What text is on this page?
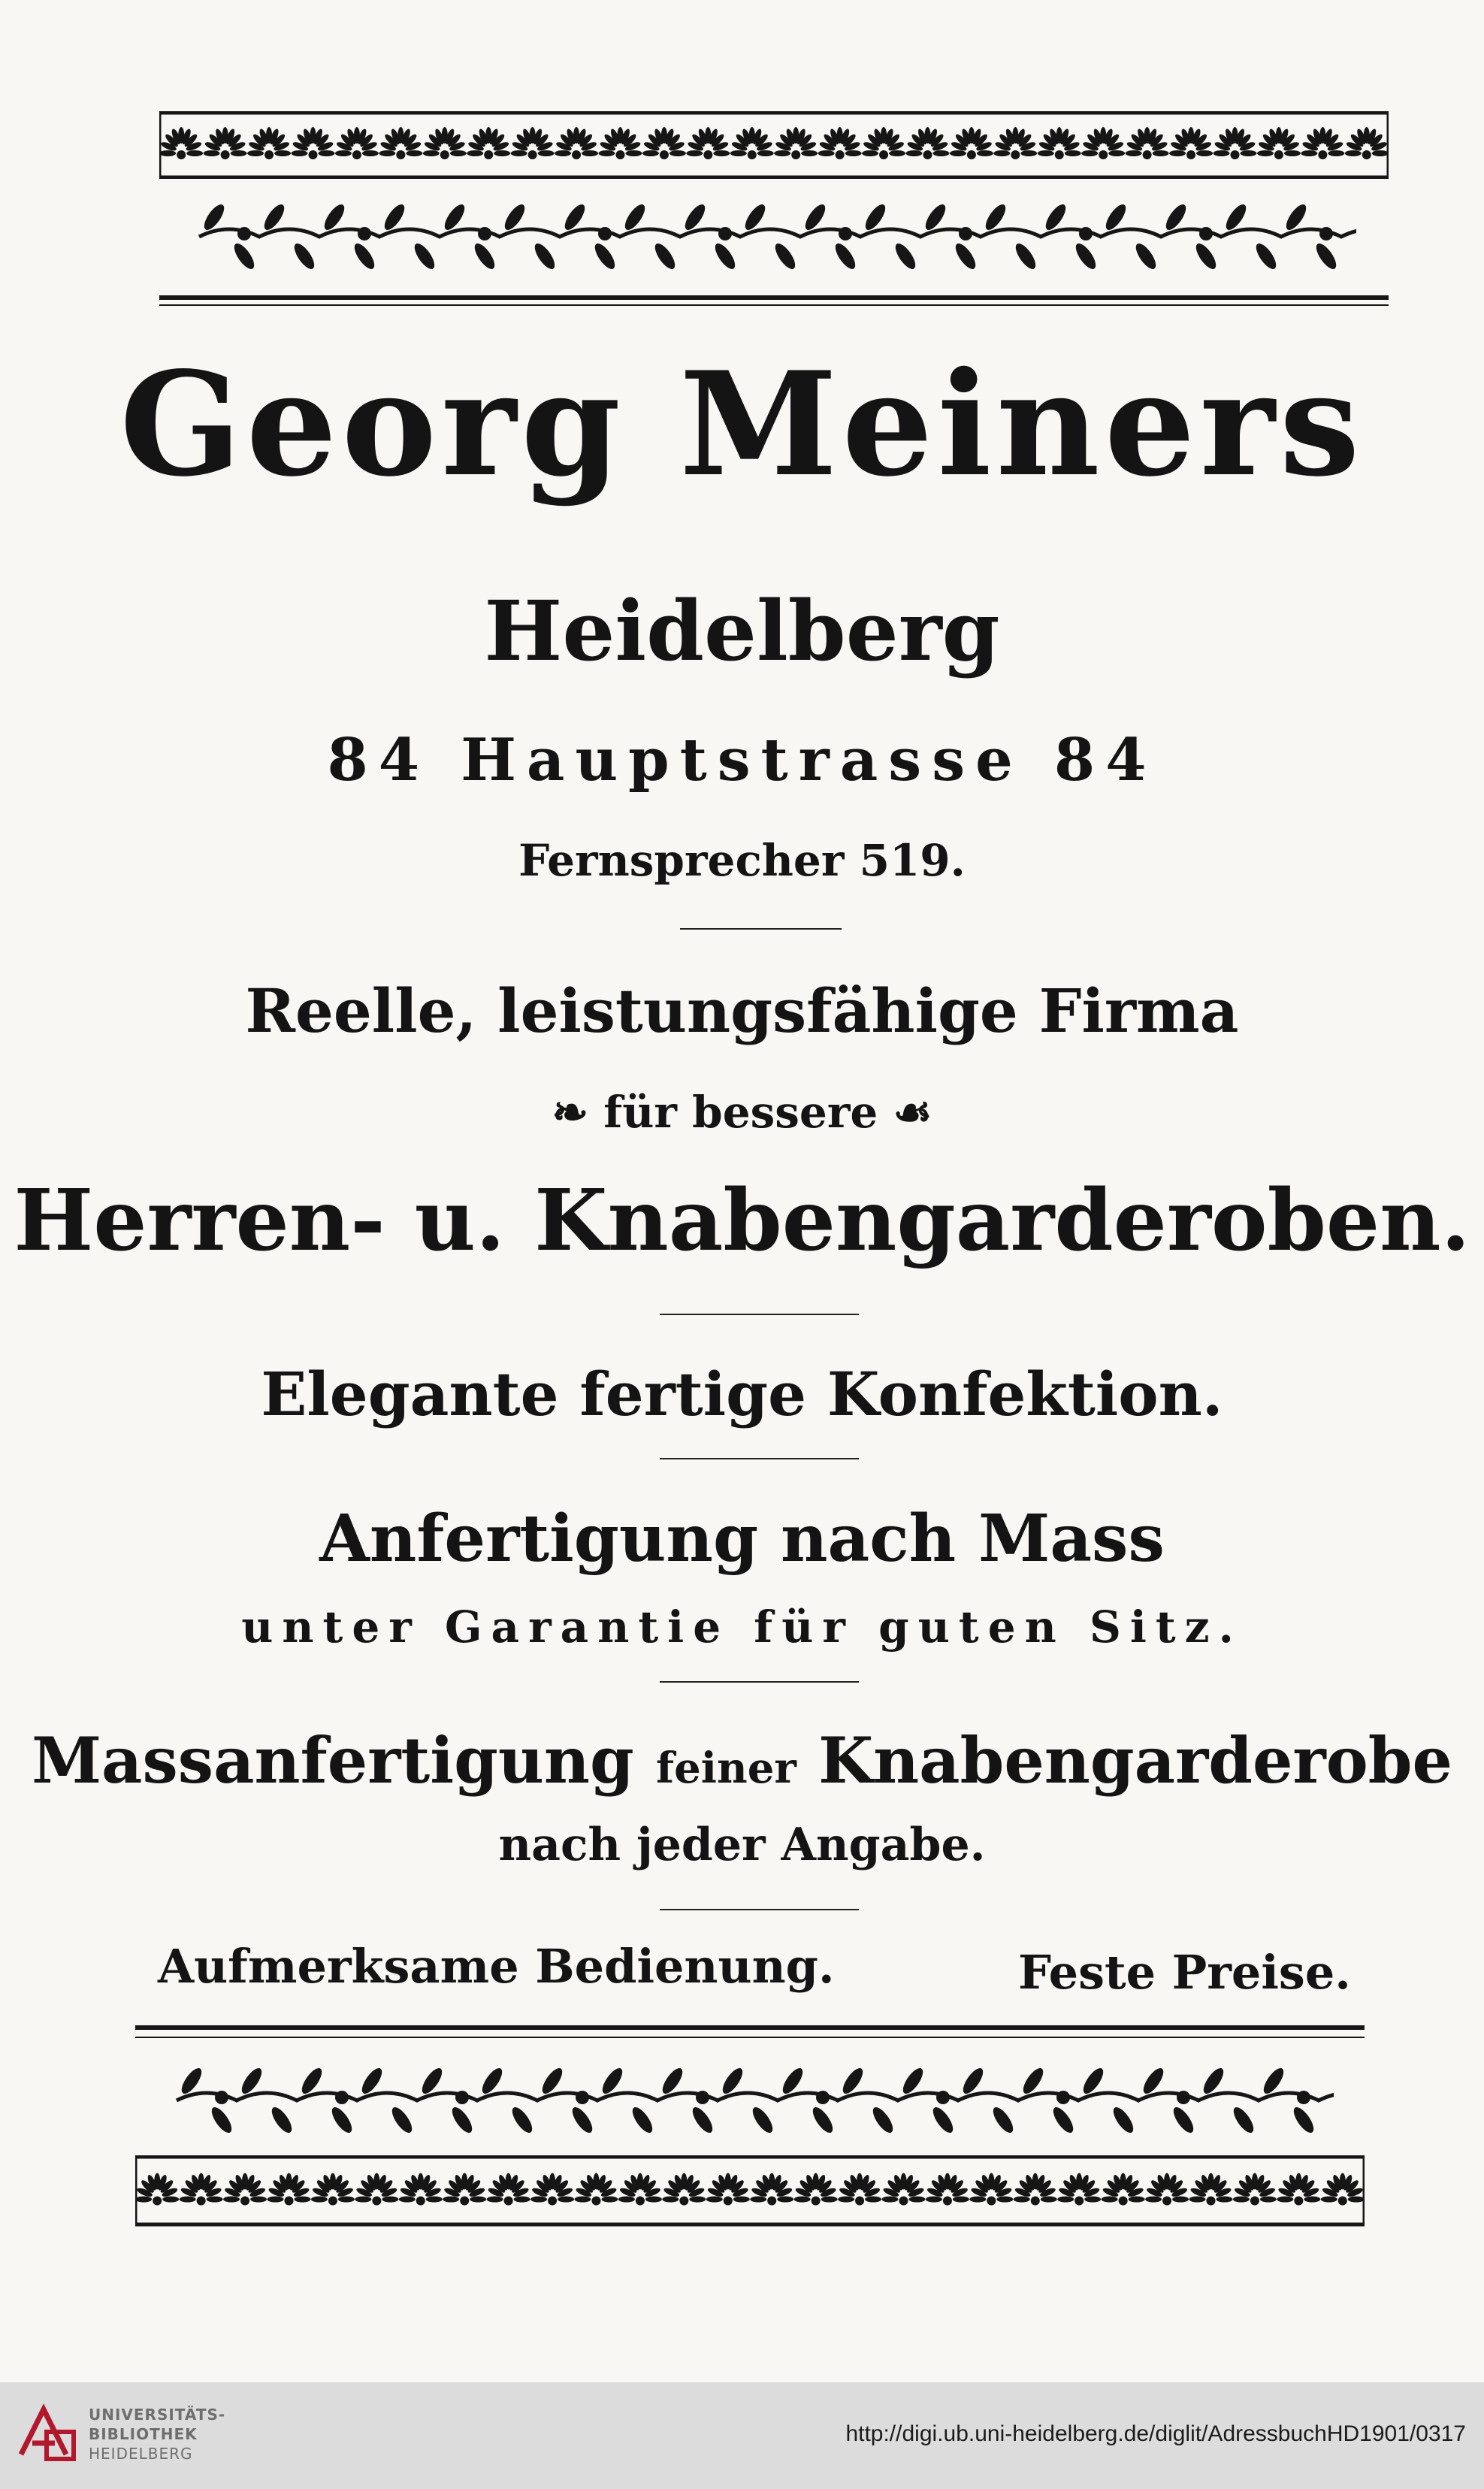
Georg Meiners
Heidelberg
84 Hauptstrasse 84
Fernsprecher 519.
Reelle, leistungsfähige Firma
❧ für bessere ☙
Herren- u. Knabengarderoben.
Elegante fertige Konfektion.
Anfertigung nach Mass
unter Garantie für guten Sitz.
Massanfertigung feiner Knabengarderobe
nach jeder Angabe.
Aufmerksame Bedienung.	Feste Preise.
UNIVERSITÄTS-
BIBLIOTHEK
HEIDELBERG
http://digi.ub.uni-heidelberg.de/diglit/AdressbuchHD1901/0317
